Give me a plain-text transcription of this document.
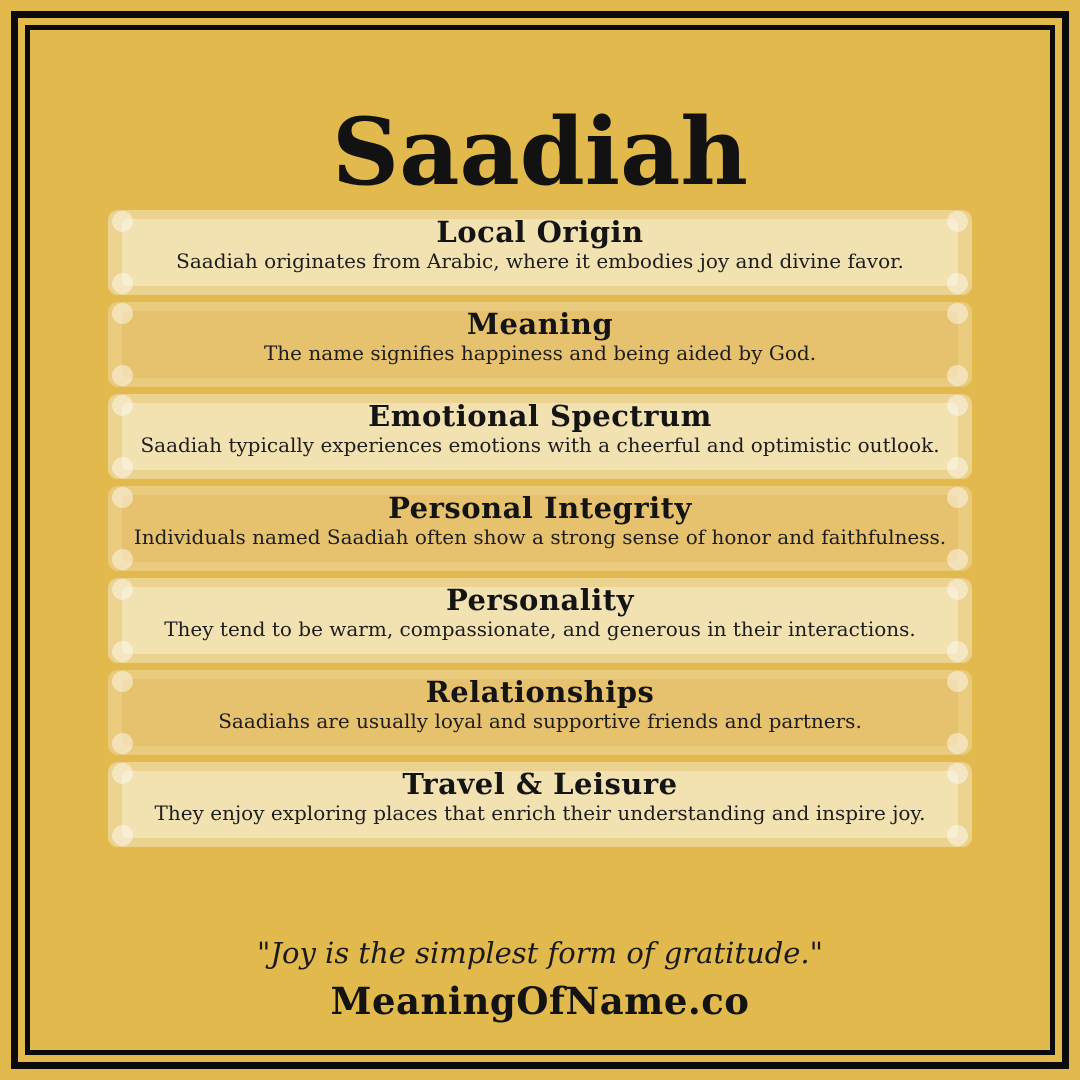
Saadiah
Local Origin

Saadiah originates from Arabic, where it embodies joy and divine favor.

Meaning

The name signifies happiness and being aided by God.

Emotional Spectrum

Saadiah typically experiences emotions with a cheerful and optimistic outlook.

Personal Integrity

Individuals named Saadiah often show a strong sense of honor and faithfulness.

Personality

They tend to be warm, compassionate, and generous in their interactions.

Relationships

Saadiahs are usually loyal and supportive friends and partners.

Travel & Leisure

They enjoy exploring places that enrich their understanding and inspire joy.

"Joy is the simplest form of gratitude."
MeaningOfName.co
